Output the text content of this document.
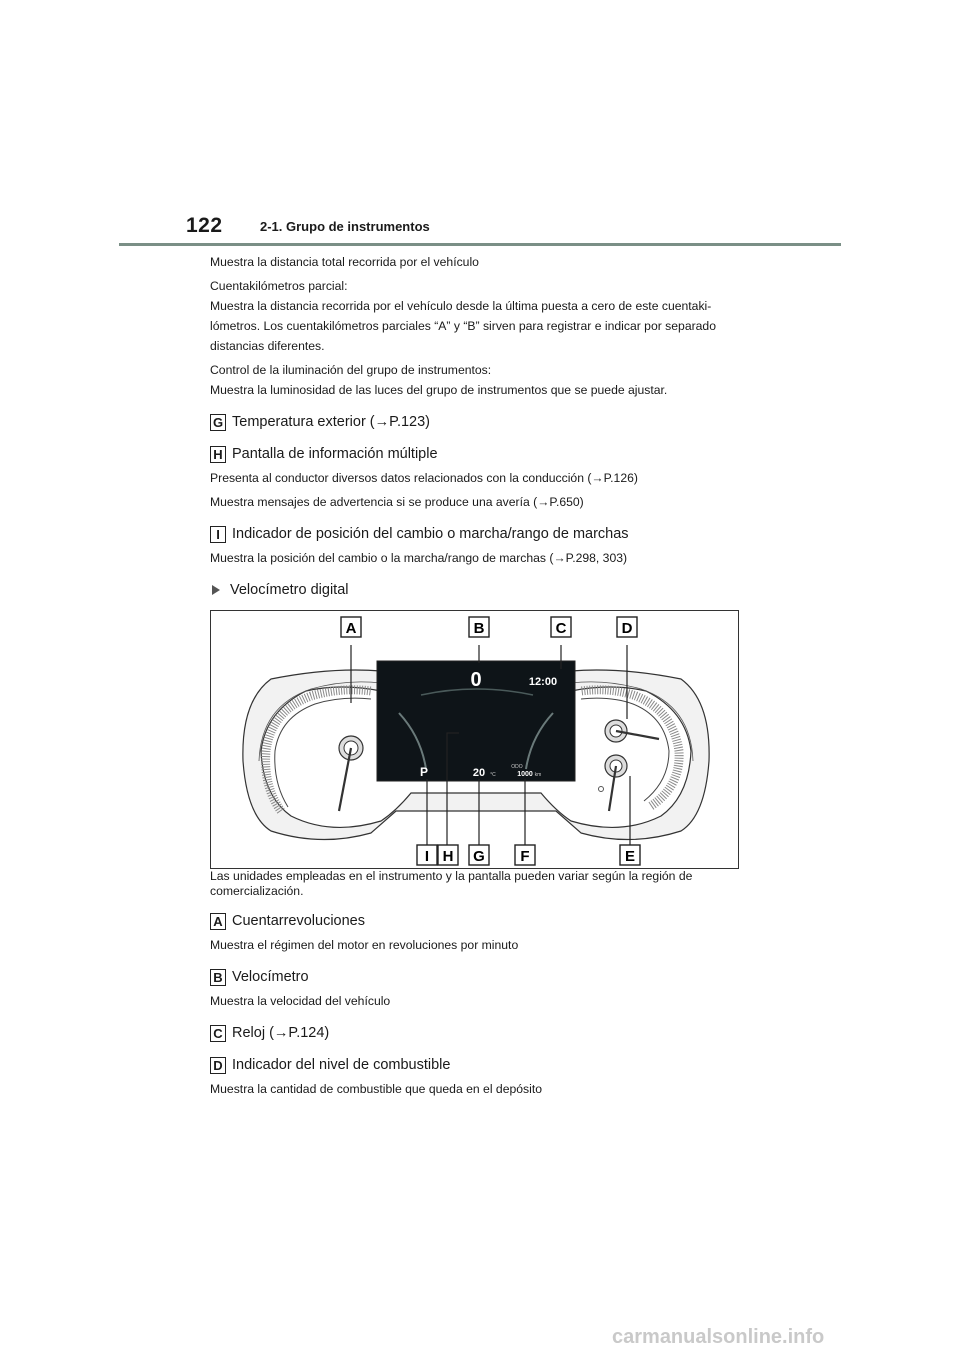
122	2-1. Grupo de instrumentos

Muestra la distancia total recorrida por el vehículo

Cuentakilómetros parcial:

Muestra la distancia recorrida por el vehículo desde la última puesta a cero de este cuentaki-

lómetros. Los cuentakilómetros parciales “A” y “B” sirven para registrar e indicar por separado

distancias diferentes.

Control de la iluminación del grupo de instrumentos:

Muestra la luminosidad de las luces del grupo de instrumentos que se puede ajustar.

G Temperatura exterior (→P.123)
H Pantalla de información múltiple

Presenta al conductor diversos datos relacionados con la conducción (→P.126)

Muestra mensajes de advertencia si se produce una avería (→P.650)

I Indicador de posición del cambio o marcha/rango de marchas

Muestra la posición del cambio o la marcha/rango de marchas (→P.298, 303)

Velocímetro digital
0	12:00
P	20 °C
ODO
1000 km
A	B	C	D
I H G F	E

Las unidades empleadas en el instrumento y la pantalla pueden variar según la región de comercialización.

A Cuentarrevoluciones

Muestra el régimen del motor en revoluciones por minuto

B Velocímetro

Muestra la velocidad del vehículo

C Reloj (→P.124)
D Indicador del nivel de combustible

Muestra la cantidad de combustible que queda en el depósito

carmanualsonline.info
